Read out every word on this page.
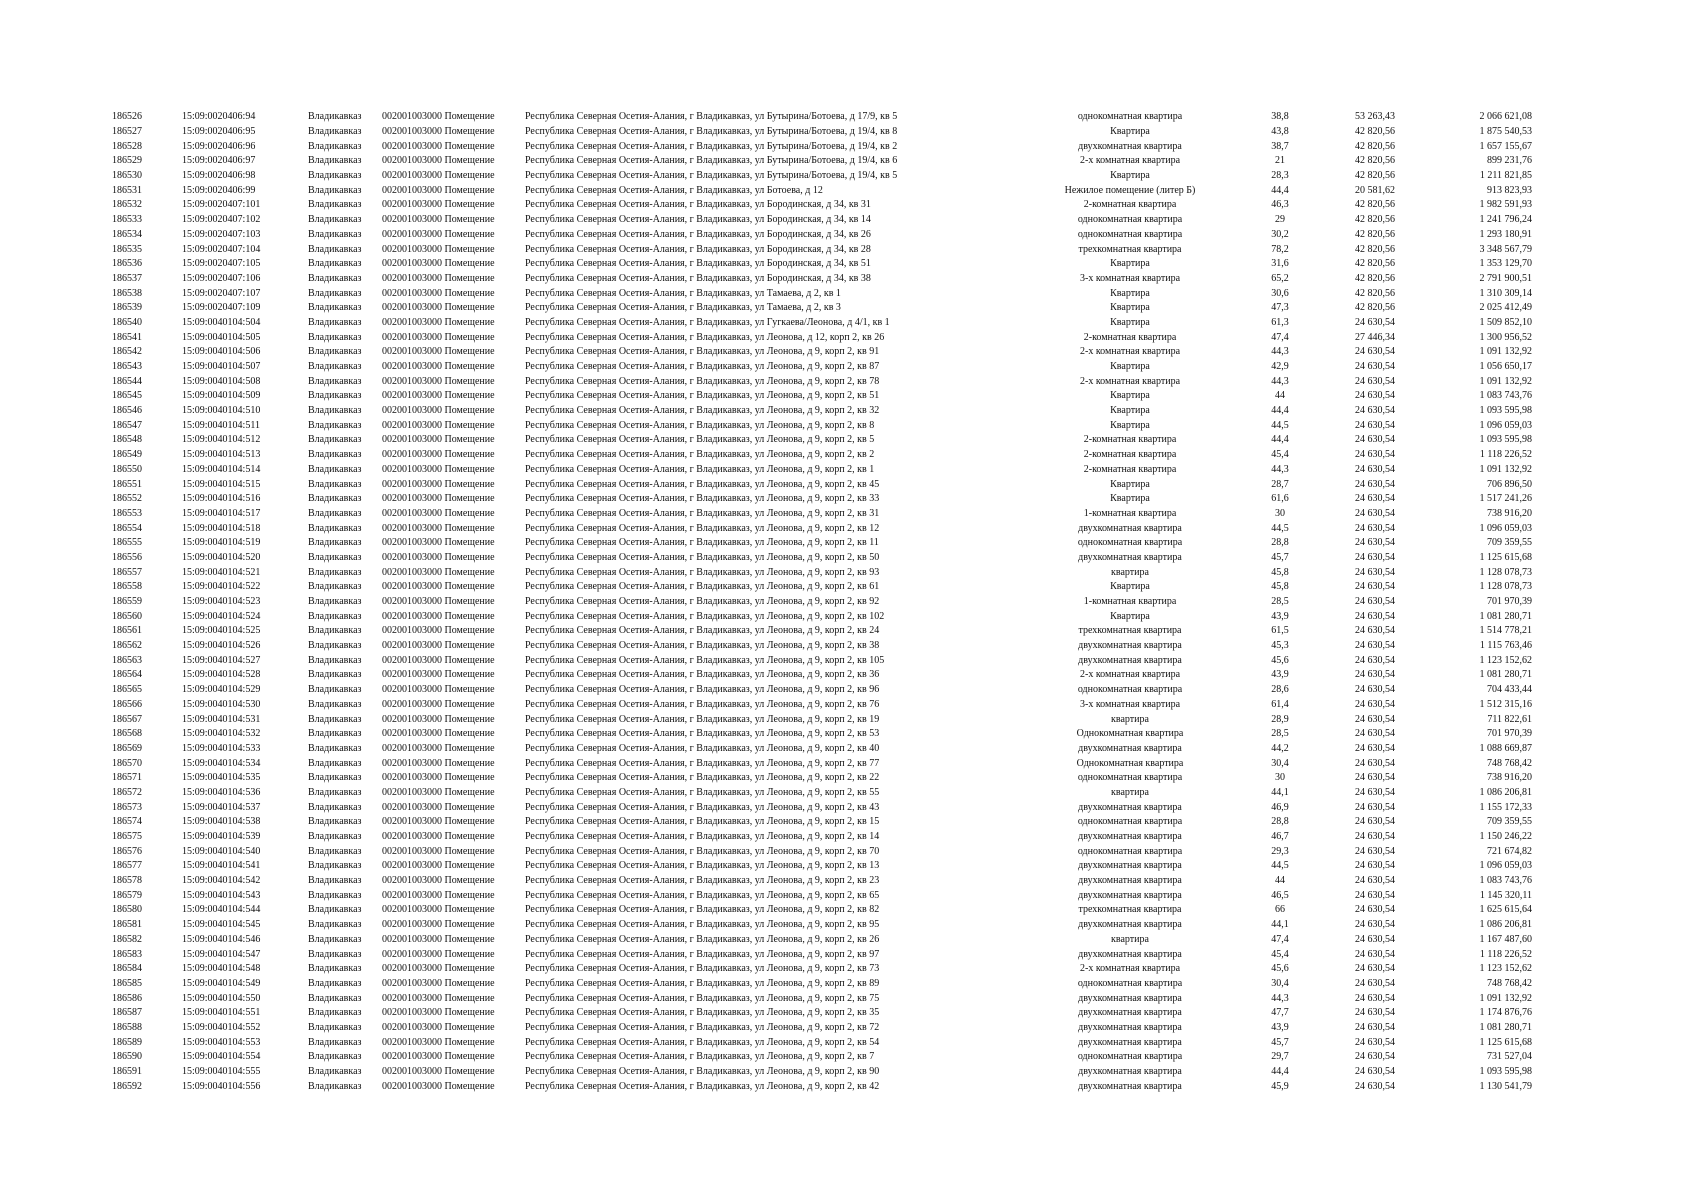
186526	15:09:0020406:94	Владикавказ	002001003000 Помещение	Республика Северная Осетия-Алания, г Владикавказ, ул Бутырина/Ботоева, д 17/9, кв 5	однокомнатная квартира	38,8	53 263,43	2 066 621,08
186527	15:09:0020406:95	Владикавказ	002001003000 Помещение	Республика Северная Осетия-Алания, г Владикавказ, ул Бутырина/Ботоева, д 19/4, кв 8	Квартира	43,8	42 820,56	1 875 540,53
186528	15:09:0020406:96	Владикавказ	002001003000 Помещение	Республика Северная Осетия-Алания, г Владикавказ, ул Бутырина/Ботоева, д 19/4, кв 2	двухкомнатная квартира	38,7	42 820,56	1 657 155,67
186529	15:09:0020406:97	Владикавказ	002001003000 Помещение	Республика Северная Осетия-Алания, г Владикавказ, ул Бутырина/Ботоева, д 19/4, кв 6	2-х комнатная квартира	21	42 820,56	899 231,76
186530	15:09:0020406:98	Владикавказ	002001003000 Помещение	Республика Северная Осетия-Алания, г Владикавказ, ул Бутырина/Ботоева, д 19/4, кв 5	Квартира	28,3	42 820,56	1 211 821,85
186531	15:09:0020406:99	Владикавказ	002001003000 Помещение	Республика Северная Осетия-Алания, г Владикавказ, ул Ботоева, д 12	Нежилое помещение (литер Б)	44,4	20 581,62	913 823,93
186532	15:09:0020407:101	Владикавказ	002001003000 Помещение	Республика Северная Осетия-Алания, г Владикавказ, ул Бородинская, д 34, кв 31	2-комнатная квартира	46,3	42 820,56	1 982 591,93
186533	15:09:0020407:102	Владикавказ	002001003000 Помещение	Республика Северная Осетия-Алания, г Владикавказ, ул Бородинская, д 34, кв 14	однокомнатная квартира	29	42 820,56	1 241 796,24
186534	15:09:0020407:103	Владикавказ	002001003000 Помещение	Республика Северная Осетия-Алания, г Владикавказ, ул Бородинская, д 34, кв 26	однокомнатная квартира	30,2	42 820,56	1 293 180,91
186535	15:09:0020407:104	Владикавказ	002001003000 Помещение	Республика Северная Осетия-Алания, г Владикавказ, ул Бородинская, д 34, кв 28	трехкомнатная квартира	78,2	42 820,56	3 348 567,79
186536	15:09:0020407:105	Владикавказ	002001003000 Помещение	Республика Северная Осетия-Алания, г Владикавказ, ул Бородинская, д 34, кв 51	Квартира	31,6	42 820,56	1 353 129,70
186537	15:09:0020407:106	Владикавказ	002001003000 Помещение	Республика Северная Осетия-Алания, г Владикавказ, ул Бородинская, д 34, кв 38	3-х комнатная квартира	65,2	42 820,56	2 791 900,51
186538	15:09:0020407:107	Владикавказ	002001003000 Помещение	Республика Северная Осетия-Алания, г Владикавказ, ул Тамаева, д 2, кв 1	Квартира	30,6	42 820,56	1 310 309,14
186539	15:09:0020407:109	Владикавказ	002001003000 Помещение	Республика Северная Осетия-Алания, г Владикавказ, ул Тамаева, д 2, кв 3	Квартира	47,3	42 820,56	2 025 412,49
186540	15:09:0040104:504	Владикавказ	002001003000 Помещение	Республика Северная Осетия-Алания, г Владикавказ, ул Гугкаева/Леонова, д 4/1, кв 1	Квартира	61,3	24 630,54	1 509 852,10
186541	15:09:0040104:505	Владикавказ	002001003000 Помещение	Республика Северная Осетия-Алания, г Владикавказ, ул Леонова, д 12, корп 2, кв 26	2-комнатная квартира	47,4	27 446,34	1 300 956,52
186542	15:09:0040104:506	Владикавказ	002001003000 Помещение	Республика Северная Осетия-Алания, г Владикавказ, ул Леонова, д 9, корп 2, кв 91	2-х комнатная квартира	44,3	24 630,54	1 091 132,92
186543	15:09:0040104:507	Владикавказ	002001003000 Помещение	Республика Северная Осетия-Алания, г Владикавказ, ул Леонова, д 9, корп 2, кв 87	Квартира	42,9	24 630,54	1 056 650,17
186544	15:09:0040104:508	Владикавказ	002001003000 Помещение	Республика Северная Осетия-Алания, г Владикавказ, ул Леонова, д 9, корп 2, кв 78	2-х комнатная квартира	44,3	24 630,54	1 091 132,92
186545	15:09:0040104:509	Владикавказ	002001003000 Помещение	Республика Северная Осетия-Алания, г Владикавказ, ул Леонова, д 9, корп 2, кв 51	Квартира	44	24 630,54	1 083 743,76
186546	15:09:0040104:510	Владикавказ	002001003000 Помещение	Республика Северная Осетия-Алания, г Владикавказ, ул Леонова, д 9, корп 2, кв 32	Квартира	44,4	24 630,54	1 093 595,98
186547	15:09:0040104:511	Владикавказ	002001003000 Помещение	Республика Северная Осетия-Алания, г Владикавказ, ул Леонова, д 9, корп 2, кв 8	Квартира	44,5	24 630,54	1 096 059,03
186548	15:09:0040104:512	Владикавказ	002001003000 Помещение	Республика Северная Осетия-Алания, г Владикавказ, ул Леонова, д 9, корп 2, кв 5	2-комнатная квартира	44,4	24 630,54	1 093 595,98
186549	15:09:0040104:513	Владикавказ	002001003000 Помещение	Республика Северная Осетия-Алания, г Владикавказ, ул Леонова, д 9, корп 2, кв 2	2-комнатная квартира	45,4	24 630,54	1 118 226,52
186550	15:09:0040104:514	Владикавказ	002001003000 Помещение	Республика Северная Осетия-Алания, г Владикавказ, ул Леонова, д 9, корп 2, кв 1	2-комнатная квартира	44,3	24 630,54	1 091 132,92
186551	15:09:0040104:515	Владикавказ	002001003000 Помещение	Республика Северная Осетия-Алания, г Владикавказ, ул Леонова, д 9, корп 2, кв 45	Квартира	28,7	24 630,54	706 896,50
186552	15:09:0040104:516	Владикавказ	002001003000 Помещение	Республика Северная Осетия-Алания, г Владикавказ, ул Леонова, д 9, корп 2, кв 33	Квартира	61,6	24 630,54	1 517 241,26
186553	15:09:0040104:517	Владикавказ	002001003000 Помещение	Республика Северная Осетия-Алания, г Владикавказ, ул Леонова, д 9, корп 2, кв 31	1-комнатная квартира	30	24 630,54	738 916,20
186554	15:09:0040104:518	Владикавказ	002001003000 Помещение	Республика Северная Осетия-Алания, г Владикавказ, ул Леонова, д 9, корп 2, кв 12	двухкомнатная квартира	44,5	24 630,54	1 096 059,03
186555	15:09:0040104:519	Владикавказ	002001003000 Помещение	Республика Северная Осетия-Алания, г Владикавказ, ул Леонова, д 9, корп 2, кв 11	однокомнатная квартира	28,8	24 630,54	709 359,55
186556	15:09:0040104:520	Владикавказ	002001003000 Помещение	Республика Северная Осетия-Алания, г Владикавказ, ул Леонова, д 9, корп 2, кв 50	двухкомнатная квартира	45,7	24 630,54	1 125 615,68
186557	15:09:0040104:521	Владикавказ	002001003000 Помещение	Республика Северная Осетия-Алания, г Владикавказ, ул Леонова, д 9, корп 2, кв 93	квартира	45,8	24 630,54	1 128 078,73
186558	15:09:0040104:522	Владикавказ	002001003000 Помещение	Республика Северная Осетия-Алания, г Владикавказ, ул Леонова, д 9, корп 2, кв 61	Квартира	45,8	24 630,54	1 128 078,73
186559	15:09:0040104:523	Владикавказ	002001003000 Помещение	Республика Северная Осетия-Алания, г Владикавказ, ул Леонова, д 9, корп 2, кв 92	1-комнатная квартира	28,5	24 630,54	701 970,39
186560	15:09:0040104:524	Владикавказ	002001003000 Помещение	Республика Северная Осетия-Алания, г Владикавказ, ул Леонова, д 9, корп 2, кв 102	Квартира	43,9	24 630,54	1 081 280,71
186561	15:09:0040104:525	Владикавказ	002001003000 Помещение	Республика Северная Осетия-Алания, г Владикавказ, ул Леонова, д 9, корп 2, кв 24	трехкомнатная квартира	61,5	24 630,54	1 514 778,21
186562	15:09:0040104:526	Владикавказ	002001003000 Помещение	Республика Северная Осетия-Алания, г Владикавказ, ул Леонова, д 9, корп 2, кв 38	двухкомнатная квартира	45,3	24 630,54	1 115 763,46
186563	15:09:0040104:527	Владикавказ	002001003000 Помещение	Республика Северная Осетия-Алания, г Владикавказ, ул Леонова, д 9, корп 2, кв 105	двухкомнатная квартира	45,6	24 630,54	1 123 152,62
186564	15:09:0040104:528	Владикавказ	002001003000 Помещение	Республика Северная Осетия-Алания, г Владикавказ, ул Леонова, д 9, корп 2, кв 36	2-х комнатная квартира	43,9	24 630,54	1 081 280,71
186565	15:09:0040104:529	Владикавказ	002001003000 Помещение	Республика Северная Осетия-Алания, г Владикавказ, ул Леонова, д 9, корп 2, кв 96	однокомнатная квартира	28,6	24 630,54	704 433,44
186566	15:09:0040104:530	Владикавказ	002001003000 Помещение	Республика Северная Осетия-Алания, г Владикавказ, ул Леонова, д 9, корп 2, кв 76	3-х комнатная квартира	61,4	24 630,54	1 512 315,16
186567	15:09:0040104:531	Владикавказ	002001003000 Помещение	Республика Северная Осетия-Алания, г Владикавказ, ул Леонова, д 9, корп 2, кв 19	квартира	28,9	24 630,54	711 822,61
186568	15:09:0040104:532	Владикавказ	002001003000 Помещение	Республика Северная Осетия-Алания, г Владикавказ, ул Леонова, д 9, корп 2, кв 53	Однокомнатная квартира	28,5	24 630,54	701 970,39
186569	15:09:0040104:533	Владикавказ	002001003000 Помещение	Республика Северная Осетия-Алания, г Владикавказ, ул Леонова, д 9, корп 2, кв 40	двухкомнатная квартира	44,2	24 630,54	1 088 669,87
186570	15:09:0040104:534	Владикавказ	002001003000 Помещение	Республика Северная Осетия-Алания, г Владикавказ, ул Леонова, д 9, корп 2, кв 77	Однокомнатная квартира	30,4	24 630,54	748 768,42
186571	15:09:0040104:535	Владикавказ	002001003000 Помещение	Республика Северная Осетия-Алания, г Владикавказ, ул Леонова, д 9, корп 2, кв 22	однокомнатная квартира	30	24 630,54	738 916,20
186572	15:09:0040104:536	Владикавказ	002001003000 Помещение	Республика Северная Осетия-Алания, г Владикавказ, ул Леонова, д 9, корп 2, кв 55	квартира	44,1	24 630,54	1 086 206,81
186573	15:09:0040104:537	Владикавказ	002001003000 Помещение	Республика Северная Осетия-Алания, г Владикавказ, ул Леонова, д 9, корп 2, кв 43	двухкомнатная квартира	46,9	24 630,54	1 155 172,33
186574	15:09:0040104:538	Владикавказ	002001003000 Помещение	Республика Северная Осетия-Алания, г Владикавказ, ул Леонова, д 9, корп 2, кв 15	однокомнатная квартира	28,8	24 630,54	709 359,55
186575	15:09:0040104:539	Владикавказ	002001003000 Помещение	Республика Северная Осетия-Алания, г Владикавказ, ул Леонова, д 9, корп 2, кв 14	двухкомнатная квартира	46,7	24 630,54	1 150 246,22
186576	15:09:0040104:540	Владикавказ	002001003000 Помещение	Республика Северная Осетия-Алания, г Владикавказ, ул Леонова, д 9, корп 2, кв 70	однокомнатная квартира	29,3	24 630,54	721 674,82
186577	15:09:0040104:541	Владикавказ	002001003000 Помещение	Республика Северная Осетия-Алания, г Владикавказ, ул Леонова, д 9, корп 2, кв 13	двухкомнатная квартира	44,5	24 630,54	1 096 059,03
186578	15:09:0040104:542	Владикавказ	002001003000 Помещение	Республика Северная Осетия-Алания, г Владикавказ, ул Леонова, д 9, корп 2, кв 23	двухкомнатная квартира	44	24 630,54	1 083 743,76
186579	15:09:0040104:543	Владикавказ	002001003000 Помещение	Республика Северная Осетия-Алания, г Владикавказ, ул Леонова, д 9, корп 2, кв 65	двухкомнатная квартира	46,5	24 630,54	1 145 320,11
186580	15:09:0040104:544	Владикавказ	002001003000 Помещение	Республика Северная Осетия-Алания, г Владикавказ, ул Леонова, д 9, корп 2, кв 82	трехкомнатная квартира	66	24 630,54	1 625 615,64
186581	15:09:0040104:545	Владикавказ	002001003000 Помещение	Республика Северная Осетия-Алания, г Владикавказ, ул Леонова, д 9, корп 2, кв 95	двухкомнатная квартира	44,1	24 630,54	1 086 206,81
186582	15:09:0040104:546	Владикавказ	002001003000 Помещение	Республика Северная Осетия-Алания, г Владикавказ, ул Леонова, д 9, корп 2, кв 26	квартира	47,4	24 630,54	1 167 487,60
186583	15:09:0040104:547	Владикавказ	002001003000 Помещение	Республика Северная Осетия-Алания, г Владикавказ, ул Леонова, д 9, корп 2, кв 97	двухкомнатная квартира	45,4	24 630,54	1 118 226,52
186584	15:09:0040104:548	Владикавказ	002001003000 Помещение	Республика Северная Осетия-Алания, г Владикавказ, ул Леонова, д 9, корп 2, кв 73	2-х комнатная квартира	45,6	24 630,54	1 123 152,62
186585	15:09:0040104:549	Владикавказ	002001003000 Помещение	Республика Северная Осетия-Алания, г Владикавказ, ул Леонова, д 9, корп 2, кв 89	однокомнатная квартира	30,4	24 630,54	748 768,42
186586	15:09:0040104:550	Владикавказ	002001003000 Помещение	Республика Северная Осетия-Алания, г Владикавказ, ул Леонова, д 9, корп 2, кв 75	двухкомнатная квартира	44,3	24 630,54	1 091 132,92
186587	15:09:0040104:551	Владикавказ	002001003000 Помещение	Республика Северная Осетия-Алания, г Владикавказ, ул Леонова, д 9, корп 2, кв 35	двухкомнатная квартира	47,7	24 630,54	1 174 876,76
186588	15:09:0040104:552	Владикавказ	002001003000 Помещение	Республика Северная Осетия-Алания, г Владикавказ, ул Леонова, д 9, корп 2, кв 72	двухкомнатная квартира	43,9	24 630,54	1 081 280,71
186589	15:09:0040104:553	Владикавказ	002001003000 Помещение	Республика Северная Осетия-Алания, г Владикавказ, ул Леонова, д 9, корп 2, кв 54	двухкомнатная квартира	45,7	24 630,54	1 125 615,68
186590	15:09:0040104:554	Владикавказ	002001003000 Помещение	Республика Северная Осетия-Алания, г Владикавказ, ул Леонова, д 9, корп 2, кв 7	однокомнатная квартира	29,7	24 630,54	731 527,04
186591	15:09:0040104:555	Владикавказ	002001003000 Помещение	Республика Северная Осетия-Алания, г Владикавказ, ул Леонова, д 9, корп 2, кв 90	двухкомнатная квартира	44,4	24 630,54	1 093 595,98
186592	15:09:0040104:556	Владикавказ	002001003000 Помещение	Республика Северная Осетия-Алания, г Владикавказ, ул Леонова, д 9, корп 2, кв 42	двухкомнатная квартира	45,9	24 630,54	1 130 541,79
